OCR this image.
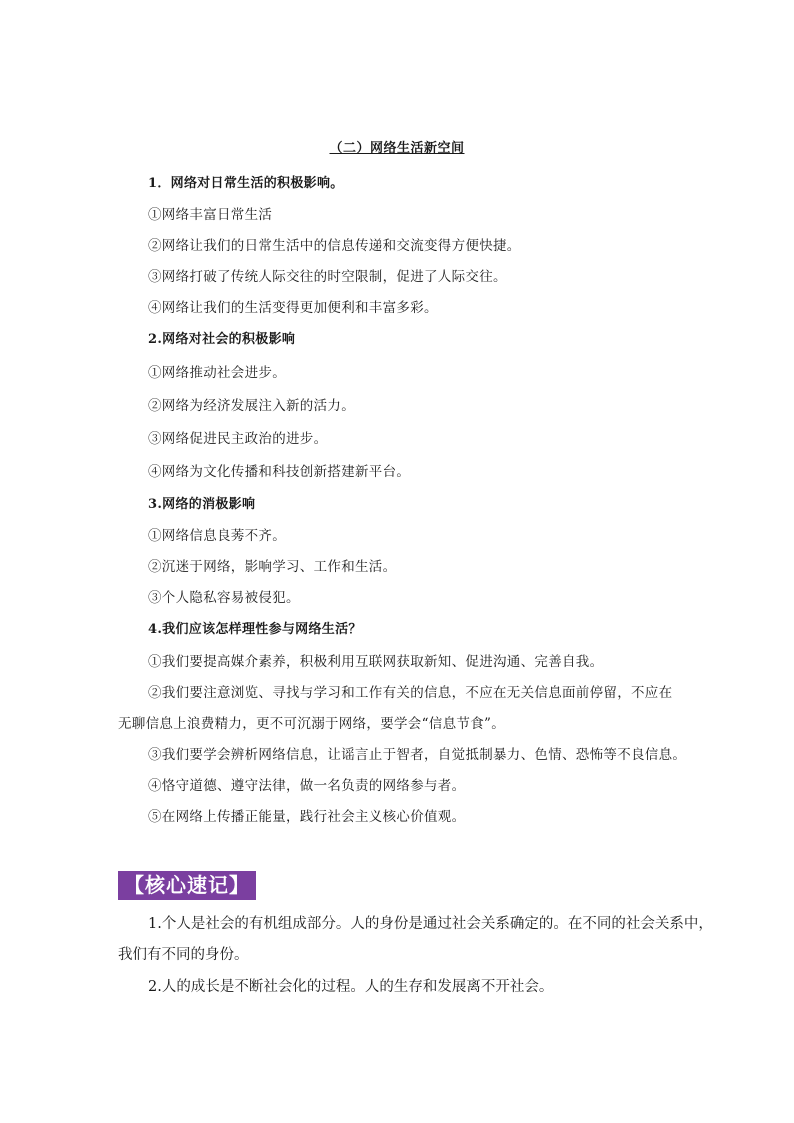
（二）网络生活新空间
1．网络对日常生活的积极影响。
①网络丰富日常生活
②网络让我们的日常生活中的信息传递和交流变得方便快捷。
③网络打破了传统人际交往的时空限制，促进了人际交往。
④网络让我们的生活变得更加便利和丰富多彩。
2.网络对社会的积极影响
①网络推动社会进步。
②网络为经济发展注入新的活力。
③网络促进民主政治的进步。
④网络为文化传播和科技创新搭建新平台。
3.网络的消极影响
①网络信息良莠不齐。
②沉迷于网络，影响学习、工作和生活。
③个人隐私容易被侵犯。
4.我们应该怎样理性参与网络生活？
①我们要提高媒介素养，积极利用互联网获取新知、促进沟通、完善自我。
②我们要注意浏览、寻找与学习和工作有关的信息，不应在无关信息面前停留，不应在
无聊信息上浪费精力，更不可沉溺于网络，要学会“信息节食”。
③我们要学会辨析网络信息，让谣言止于智者，自觉抵制暴力、色情、恐怖等不良信息。
④恪守道德、遵守法律，做一名负责的网络参与者。
⑤在网络上传播正能量，践行社会主义核心价值观。
【核心速记】
1.个人是社会的有机组成部分。人的身份是通过社会关系确定的。在不同的社会关系中，
我们有不同的身份。
2.人的成长是不断社会化的过程。人的生存和发展离不开社会。
